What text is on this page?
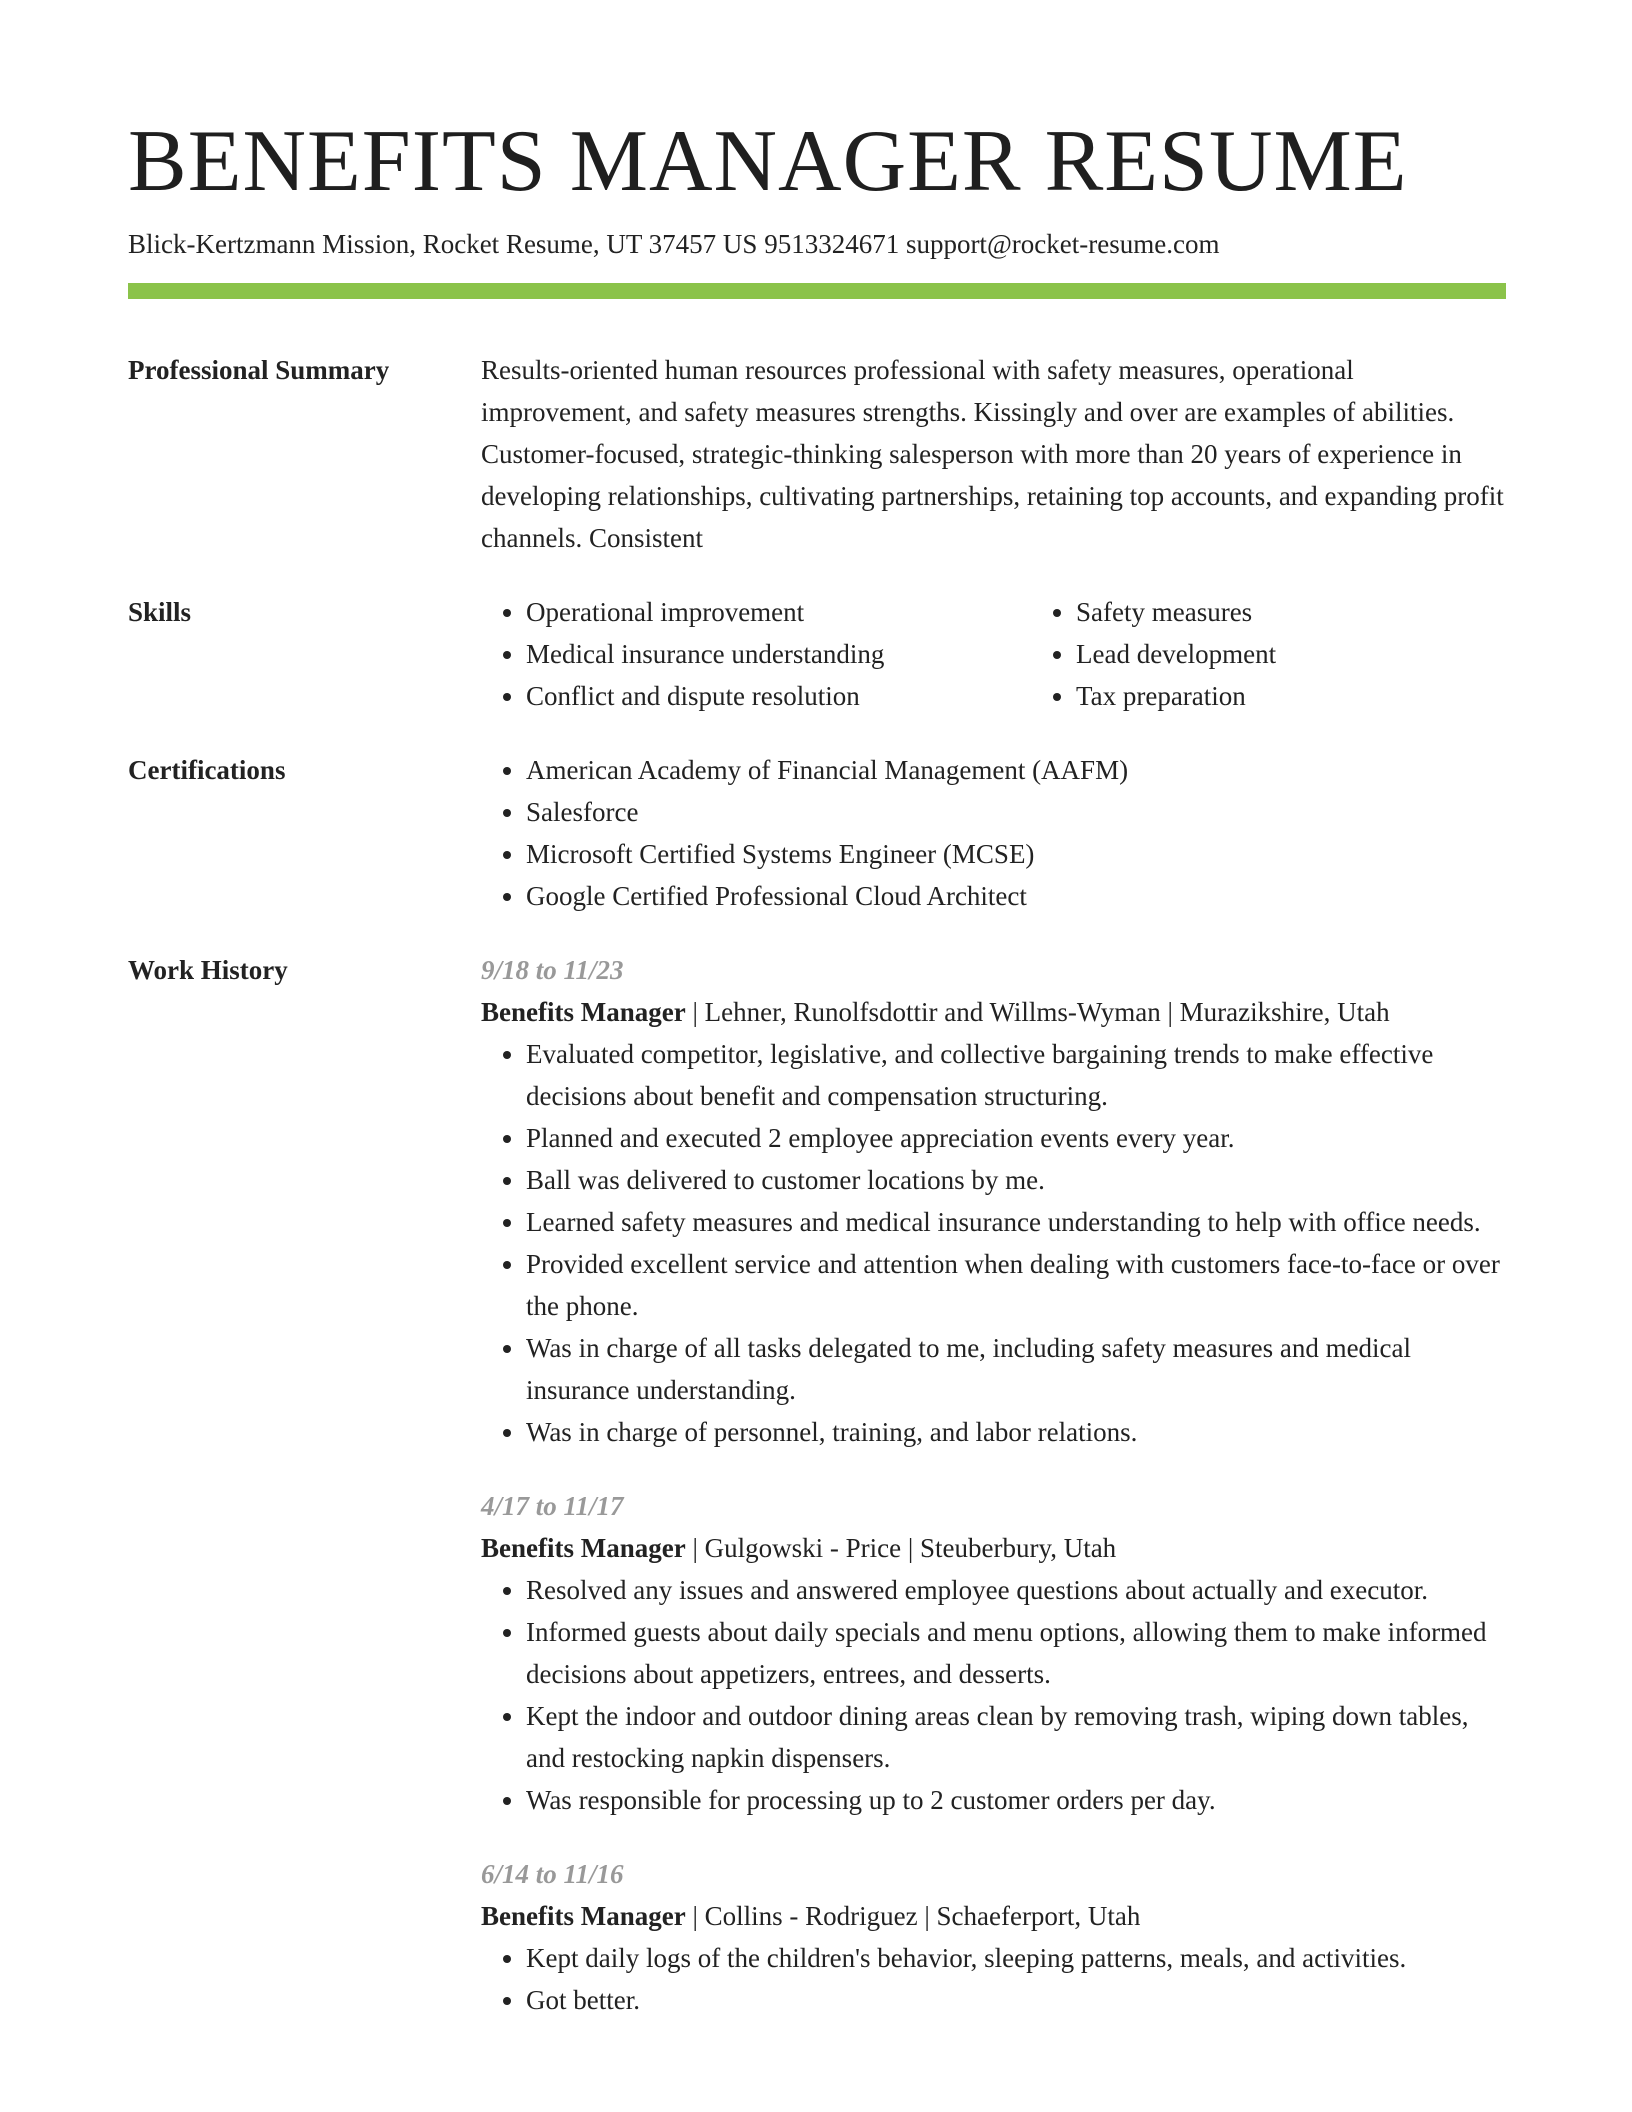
BENEFITS MANAGER RESUME
Blick-Kertzmann Mission, Rocket Resume, UT 37457 US 9513324671 support@rocket-resume.com
Professional Summary	Results-oriented human resources professional with safety measures, operational improvement, and safety measures strengths. Kissingly and over are examples of abilities. Customer-focused, strategic-thinking salesperson with more than 20 years of experience in developing relationships, cultivating partnerships, retaining top accounts, and expanding profit channels. Consistent
Skills	• Operational improvement
• Medical insurance understanding
• Conflict and dispute resolution
• Safety measures
• Lead development
• Tax preparation
Certifications	• American Academy of Financial Management (AAFM)
• Salesforce
• Microsoft Certified Systems Engineer (MCSE)
• Google Certified Professional Cloud Architect
Work History	9/18 to 11/23
Benefits Manager | Lehner, Runolfsdottir and Willms-Wyman | Murazikshire, Utah
• Evaluated competitor, legislative, and collective bargaining trends to make effective decisions about benefit and compensation structuring.
• Planned and executed 2 employee appreciation events every year.
• Ball was delivered to customer locations by me.
• Learned safety measures and medical insurance understanding to help with office needs.
• Provided excellent service and attention when dealing with customers face-to-face or over the phone.
• Was in charge of all tasks delegated to me, including safety measures and medical insurance understanding.
• Was in charge of personnel, training, and labor relations.
4/17 to 11/17
Benefits Manager | Gulgowski - Price | Steuberbury, Utah
• Resolved any issues and answered employee questions about actually and executor.
• Informed guests about daily specials and menu options, allowing them to make informed decisions about appetizers, entrees, and desserts.
• Kept the indoor and outdoor dining areas clean by removing trash, wiping down tables, and restocking napkin dispensers.
• Was responsible for processing up to 2 customer orders per day.
6/14 to 11/16
Benefits Manager | Collins - Rodriguez | Schaeferport, Utah
• Kept daily logs of the children's behavior, sleeping patterns, meals, and activities.
• Got better.
